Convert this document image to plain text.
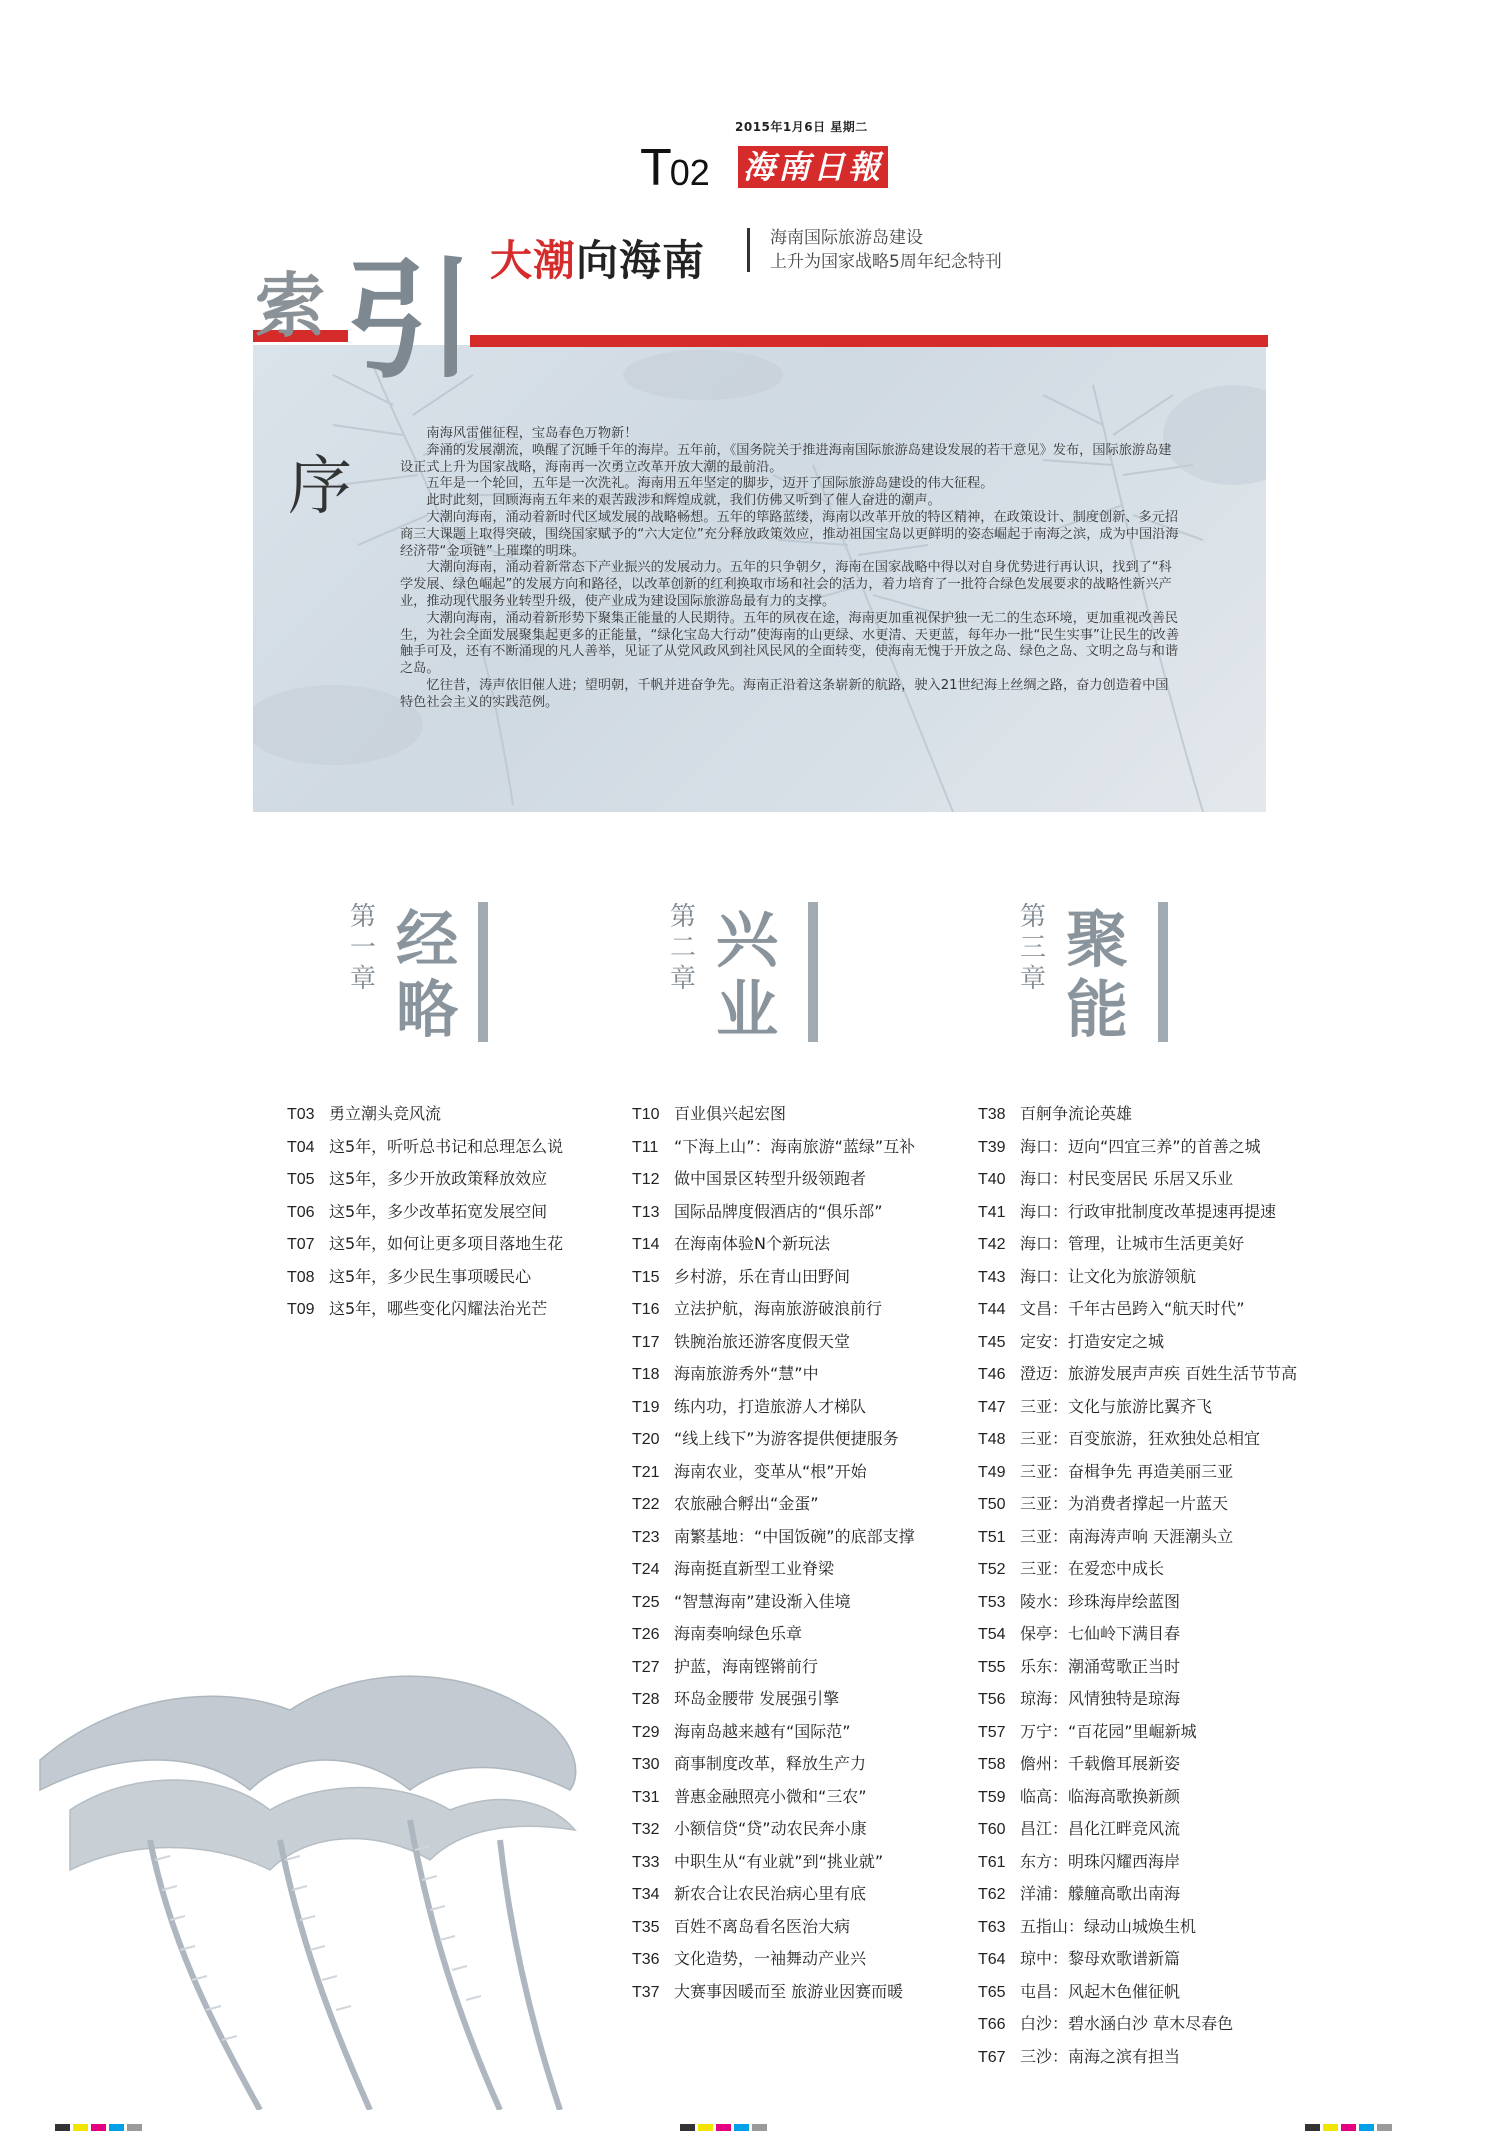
2015年1月6日 星期二
T02 海南日報
大潮向海南	海南国际旅游岛建设
上升为国家战略5周年纪念特刊
索 引
序

南海风雷催征程，宝岛春色万物新！

奔涌的发展潮流，唤醒了沉睡千年的海岸。五年前，《国务院关于推进海南国际旅游岛建设发展的若干意见》发布，国际旅游岛建设正式上升为国家战略，海南再一次勇立改革开放大潮的最前沿。

五年是一个轮回，五年是一次洗礼。海南用五年坚定的脚步，迈开了国际旅游岛建设的伟大征程。

此时此刻，回顾海南五年来的艰苦跋涉和辉煌成就，我们仿佛又听到了催人奋进的潮声。

大潮向海南，涌动着新时代区域发展的战略畅想。五年的筚路蓝缕，海南以改革开放的特区精神，在政策设计、制度创新、多元招商三大课题上取得突破，围绕国家赋予的“六大定位”充分释放政策效应，推动祖国宝岛以更鲜明的姿态崛起于南海之滨，成为中国沿海经济带“金项链”上璀璨的明珠。

大潮向海南，涌动着新常态下产业振兴的发展动力。五年的只争朝夕，海南在国家战略中得以对自身优势进行再认识，找到了“科学发展、绿色崛起”的发展方向和路径，以改革创新的红利换取市场和社会的活力，着力培育了一批符合绿色发展要求的战略性新兴产业，推动现代服务业转型升级，使产业成为建设国际旅游岛最有力的支撑。

大潮向海南，涌动着新形势下聚集正能量的人民期待。五年的夙夜在途，海南更加重视保护独一无二的生态环境，更加重视改善民生，为社会全面发展聚集起更多的正能量，“绿化宝岛大行动”使海南的山更绿、水更清、天更蓝，每年办一批“民生实事”让民生的改善触手可及，还有不断涌现的凡人善举，见证了从党风政风到社风民风的全面转变，使海南无愧于开放之岛、绿色之岛、文明之岛与和谐之岛。

忆往昔，涛声依旧催人进；望明朝，千帆并进奋争先。海南正沿着这条崭新的航路，驶入21世纪海上丝绸之路，奋力创造着中国特色社会主义的实践范例。

第
一
章
经
略
第
二
章
兴
业
第
三
章
聚
能
T03 勇立潮头竞风流
T04 这5年，听听总书记和总理怎么说
T05 这5年，多少开放政策释放效应
T06 这5年，多少改革拓宽发展空间
T07 这5年，如何让更多项目落地生花
T08 这5年，多少民生事项暖民心
T09 这5年，哪些变化闪耀法治光芒
T10 百业俱兴起宏图
T11 “下海上山”：海南旅游“蓝绿”互补
T12 做中国景区转型升级领跑者
T13 国际品牌度假酒店的“俱乐部”
T14 在海南体验N个新玩法
T15 乡村游，乐在青山田野间
T16 立法护航，海南旅游破浪前行
T17 铁腕治旅还游客度假天堂
T18 海南旅游秀外“慧”中
T19 练内功，打造旅游人才梯队
T20 “线上线下”为游客提供便捷服务
T21 海南农业，变革从“根”开始
T22 农旅融合孵出“金蛋”
T23 南繁基地：“中国饭碗”的底部支撑
T24 海南挺直新型工业脊梁
T25 “智慧海南”建设渐入佳境
T26 海南奏响绿色乐章
T27 护蓝，海南铿锵前行
T28 环岛金腰带 发展强引擎
T29 海南岛越来越有“国际范”
T30 商事制度改革，释放生产力
T31 普惠金融照亮小微和“三农”
T32 小额信贷“贷”动农民奔小康
T33 中职生从“有业就”到“挑业就”
T34 新农合让农民治病心里有底
T35 百姓不离岛看名医治大病
T36 文化造势，一袖舞动产业兴
T37 大赛事因暖而至 旅游业因赛而暖
T38 百舸争流论英雄
T39 海口：迈向“四宜三养”的首善之城
T40 海口：村民变居民 乐居又乐业
T41 海口：行政审批制度改革提速再提速
T42 海口：管理，让城市生活更美好
T43 海口：让文化为旅游领航
T44 文昌：千年古邑跨入“航天时代”
T45 定安：打造安定之城
T46 澄迈：旅游发展声声疾 百姓生活节节高
T47 三亚：文化与旅游比翼齐飞
T48 三亚：百变旅游，狂欢独处总相宜
T49 三亚：奋楫争先 再造美丽三亚
T50 三亚：为消费者撑起一片蓝天
T51 三亚：南海涛声响 天涯潮头立
T52 三亚：在爱恋中成长
T53 陵水：珍珠海岸绘蓝图
T54 保亭：七仙岭下满目春
T55 乐东：潮涌莺歌正当时
T56 琼海：风情独特是琼海
T57 万宁：“百花园”里崛新城
T58 儋州：千载儋耳展新姿
T59 临高：临海高歌换新颜
T60 昌江：昌化江畔竞风流
T61 东方：明珠闪耀西海岸
T62 洋浦：艨艟高歌出南海
T63 五指山：绿动山城焕生机
T64 琼中：黎母欢歌谱新篇
T65 屯昌：风起木色催征帆
T66 白沙：碧水涵白沙 草木尽春色
T67 三沙：南海之滨有担当
